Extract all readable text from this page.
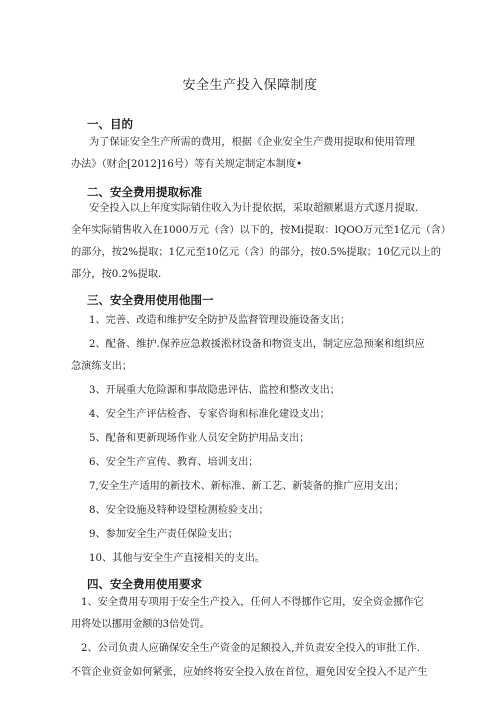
安全生产投入保障制度
一、目的
为了保证安全生产所需的费用，根据《企业安全生产费用提取和使用管理
办法》（财企[2012]16号）等有关规定制定本制度•
二、安全费用提取标准
安全投入以上年度实际销住收入为计提依据，采取超额累退方式逐月提取.
全年实际销售收入在1000万元（含）以下的，按Mi提取：lQOO万元至1亿元（含）
的部分，按2%提取；1亿元至10亿元（含）的部分，按0.5%提取；10亿元以上的
部分，按0.2%提取.
三、安全费用使用他围一
1、完善、改造和维护安全防护及监督管理设施设备支出；
2、配备、维护.保养应急救援淞材设备和物资支出，制定应急预案和组织应
急演练支出；
3、开展重大危险源和事故隐患评估、监控和整改支出；
4、安全生产评估检杳、专家咨询和标准化建设支出；
5、配备和更新现场作业人员安全防护用品支出；
6、安全生产宣传、教育、培训支出；
7,安全生产适用的新技术、新标准、新工艺、新装备的推广应用支出；
8、安全设施及特种设望检测检验支出；
9、参加安全生产责任保险支出；
10、其他与安全生产直接相关的支出。
四、安全费用使用要求
1、安全费用专项用于安全生产投入，任何人不得挪作它用，安全资金挪作它
用将处以挪用金额的3倍处罚。
2、公司负责人应确保安全生产资金的足额投入,并负责安全投入的审批工作.
不管企业资金如何紧张，应始终将安全投入放在首位，避免因安全投入不足产生
